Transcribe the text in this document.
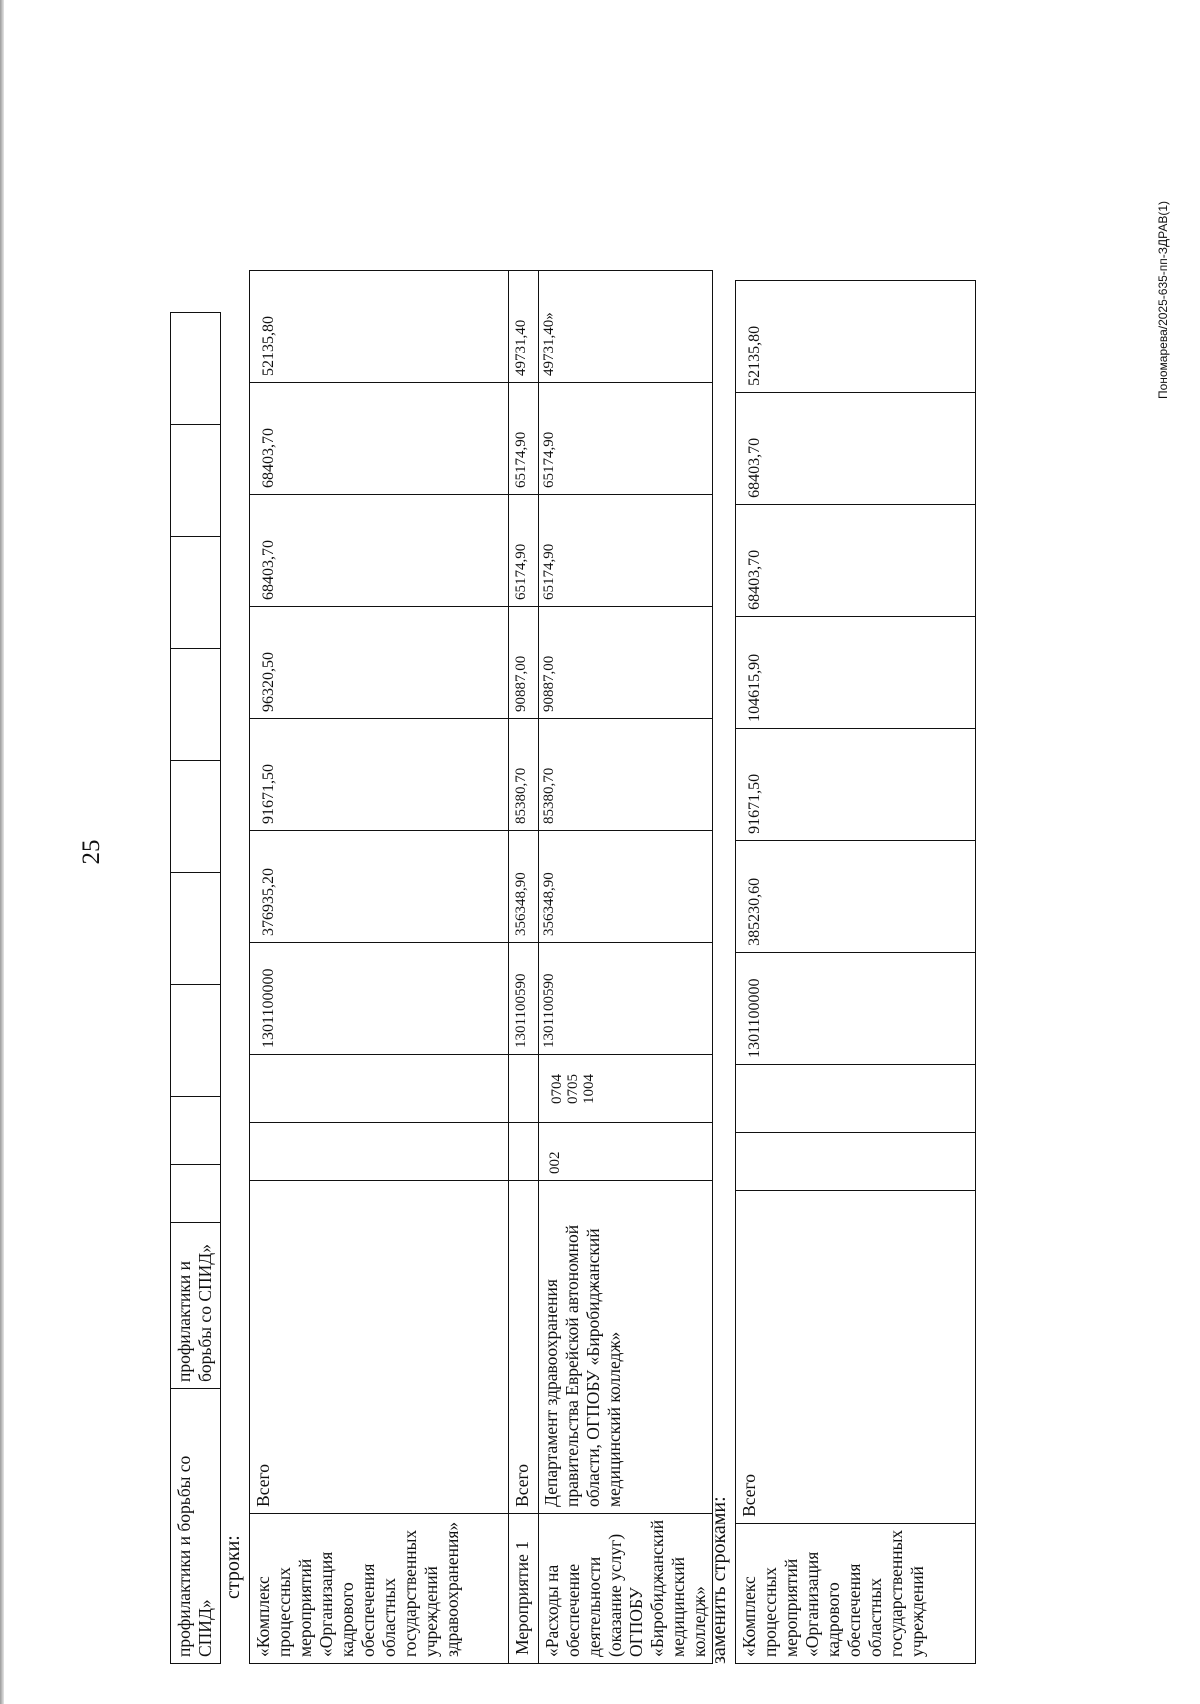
25
Пономарева/2025-635-пп-ЗДРАВ(1)
профилактики и борьбы со СПИД»	профилактики и борьбы со СПИД»									
строки:
«Комплекс процессных мероприятий «Организация кадрового обеспечения областных государственных учреждений здравоохранения»	Всего			1301100000	376935,20	91671,50	96320,50	68403,70	68403,70	52135,80
Мероприятие 1	Всего			1301100590	356348,90	85380,70	90887,00	65174,90	65174,90	49731,40
«Расходы на обеспечение деятельности (оказание услуг) ОГПОБУ «Биробиджанский медицинский колледж»	Департамент здравоохранения правительства Еврейской автономной области, ОГПОБУ «Биробиджанский медицинский колледж»	002	0704 0705 1004	1301100590	356348,90	85380,70	90887,00	65174,90	65174,90	49731,40»
заменить строками: «Комплекс процессных мероприятий «Организация кадрового обеспечения областных государственных учреждений	Всего			1301100000	385230,60	91671,50	104615,90	68403,70	68403,70	52135,80
